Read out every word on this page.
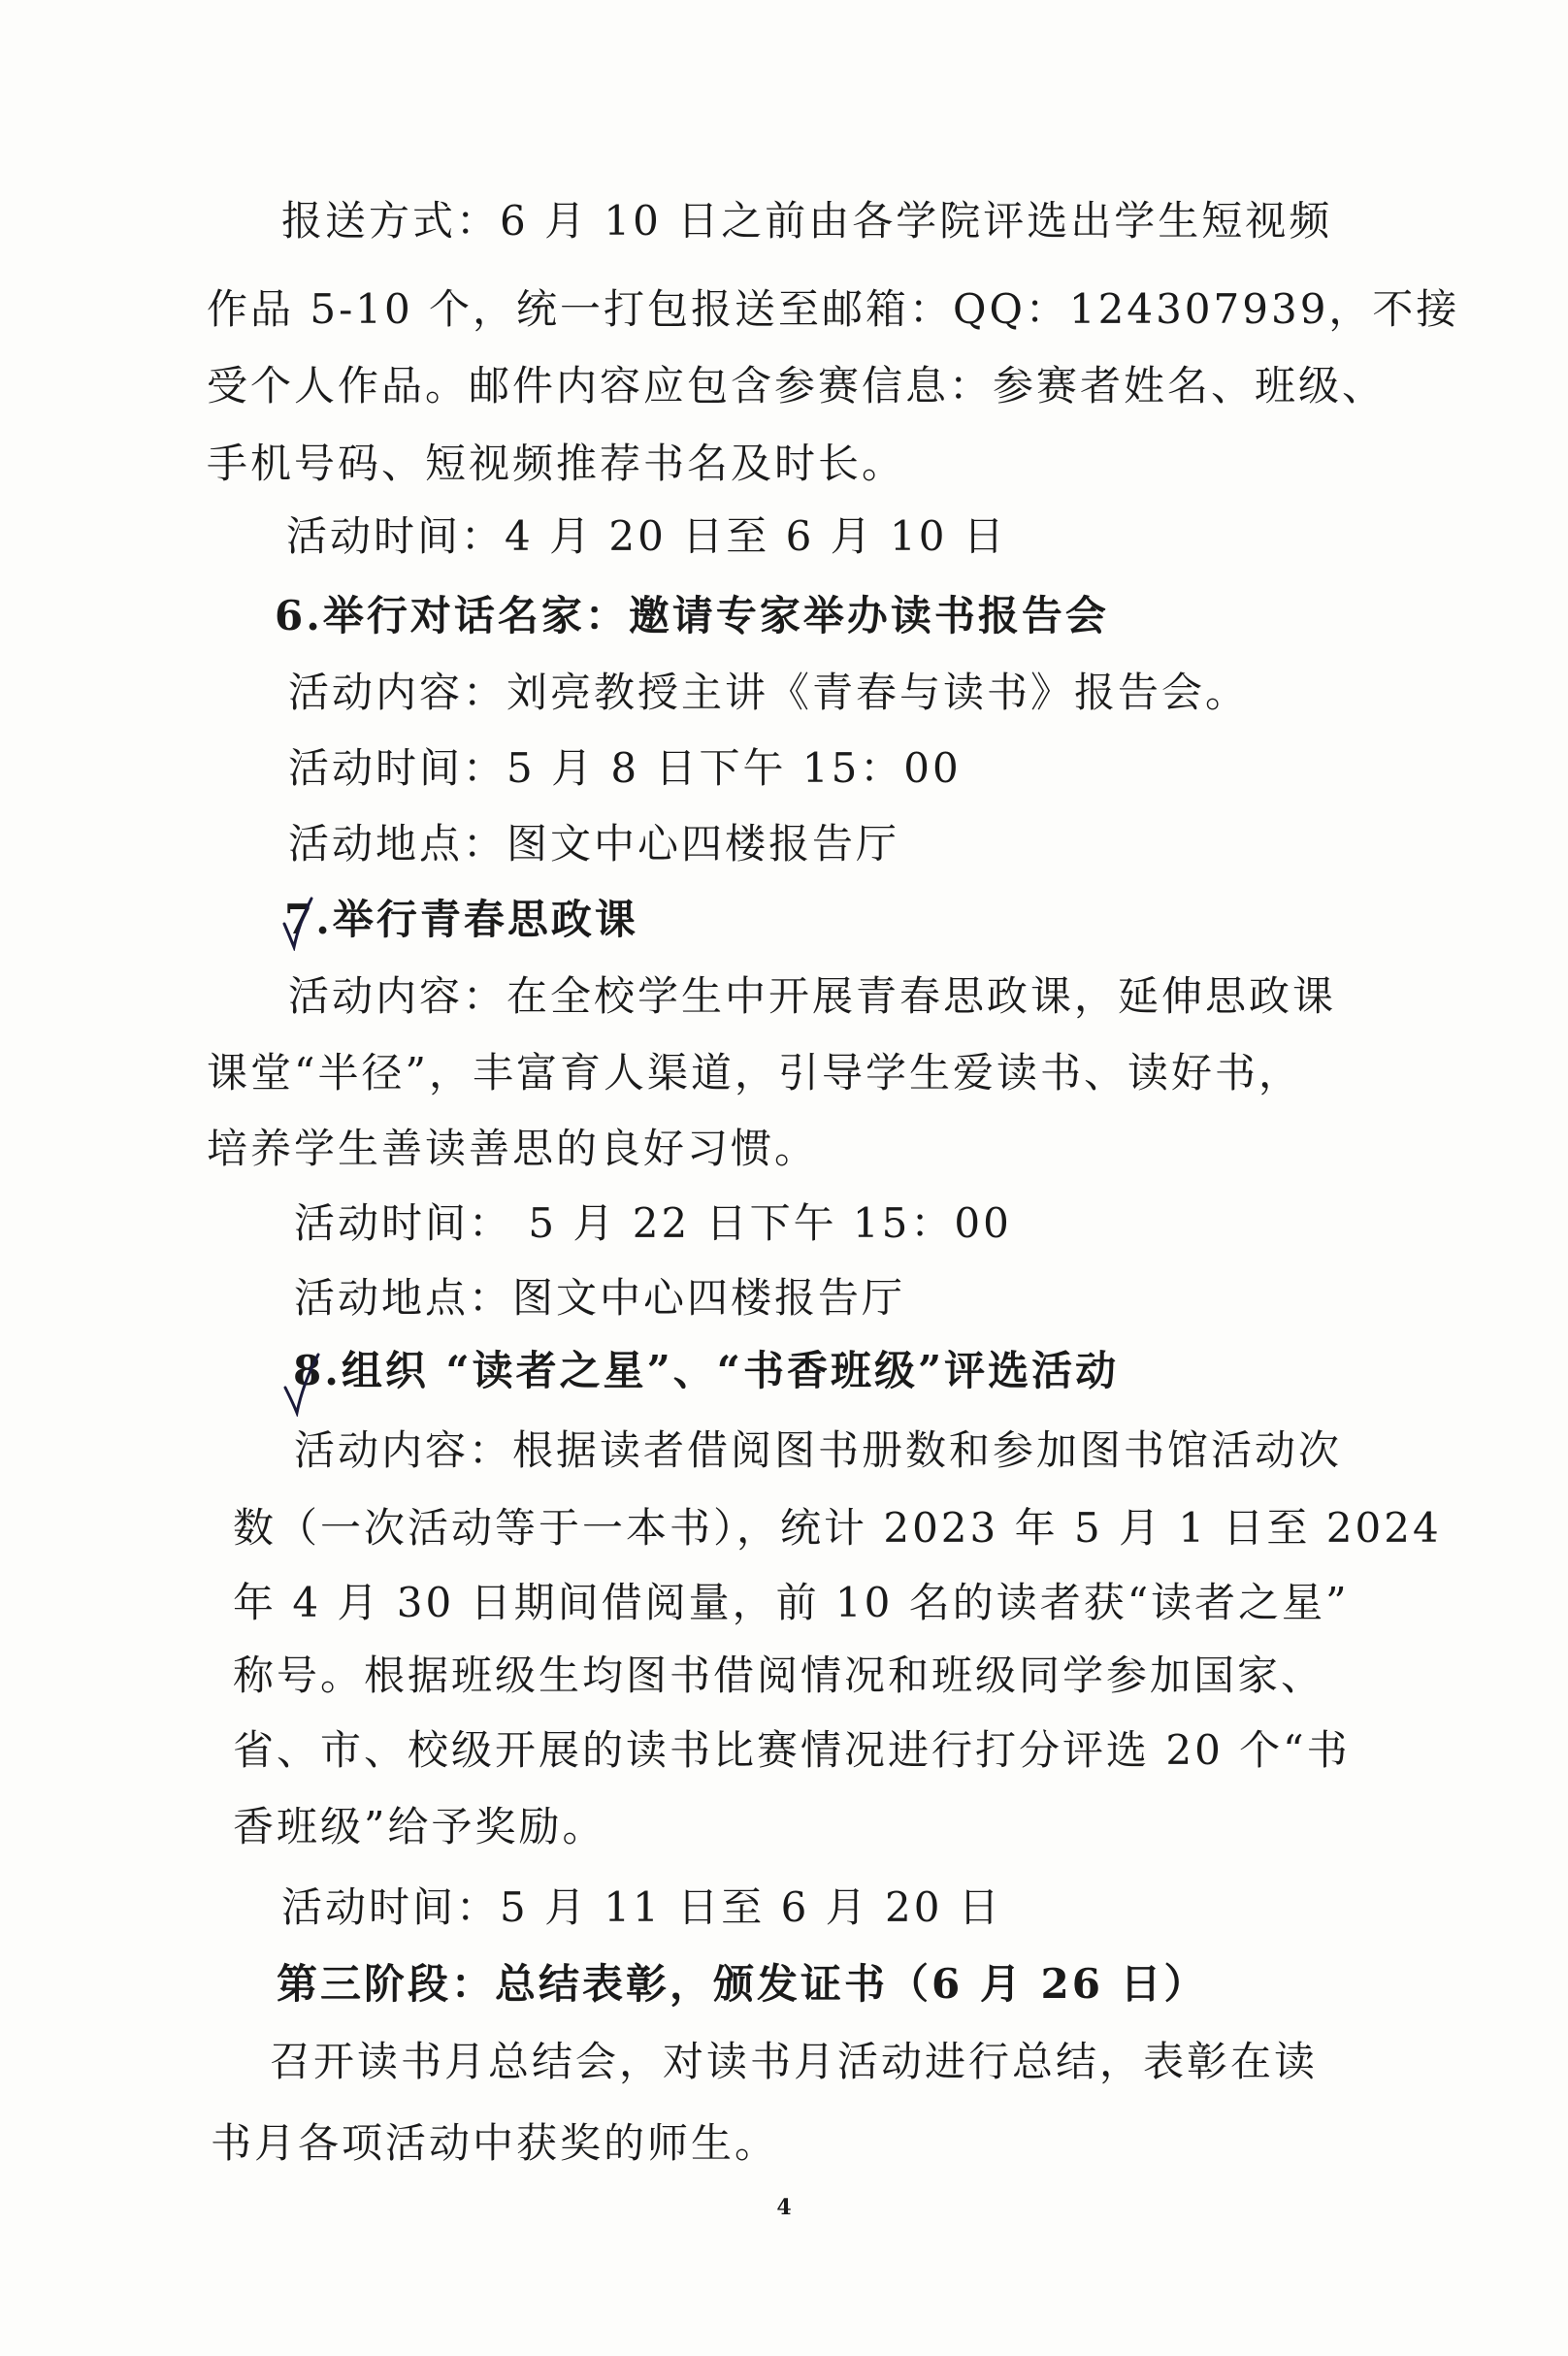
报送方式：6 月 10 日之前由各学院评选出学生短视频
作品 5-10 个，统一打包报送至邮箱：QQ：124307939，不接
受个人作品。邮件内容应包含参赛信息：参赛者姓名、班级、
手机号码、短视频推荐书名及时长。
活动时间：4 月 20 日至 6 月 10 日
6.举行对话名家：邀请专家举办读书报告会
活动内容：刘亮教授主讲《青春与读书》报告会。
活动时间：5 月 8 日下午 15：00
活动地点：图文中心四楼报告厅
7.举行青春思政课
活动内容：在全校学生中开展青春思政课，延伸思政课
课堂“半径”，丰富育人渠道，引导学生爱读书、读好书，
培养学生善读善思的良好习惯。
活动时间： 5 月 22 日下午 15：00
活动地点：图文中心四楼报告厅
8.组织 “读者之星”、“书香班级”评选活动
活动内容：根据读者借阅图书册数和参加图书馆活动次
数（一次活动等于一本书），统计 2023 年 5 月 1 日至 2024
年 4 月 30 日期间借阅量，前 10 名的读者获“读者之星”
称号。根据班级生均图书借阅情况和班级同学参加国家、
省、市、校级开展的读书比赛情况进行打分评选 20 个“书
香班级”给予奖励。
活动时间：5 月 11 日至 6 月 20 日
第三阶段：总结表彰，颁发证书（6 月 26 日）
召开读书月总结会，对读书月活动进行总结，表彰在读
书月各项活动中获奖的师生。
4
